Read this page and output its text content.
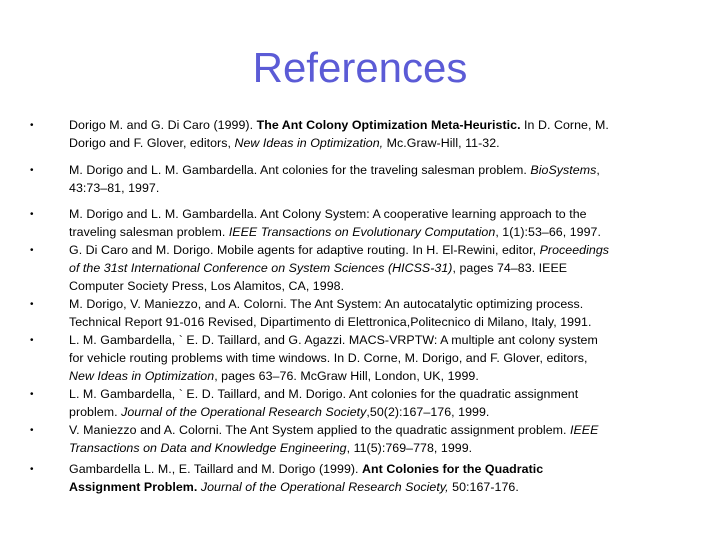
References
•	Dorigo M. and G. Di Caro (1999). The Ant Colony Optimization Meta-Heuristic. In D. Corne, M.
Dorigo and F. Glover, editors, New Ideas in Optimization, Mc.Graw-Hill, 11-32.
•	M. Dorigo and L. M. Gambardella. Ant colonies for the traveling salesman problem. BioSystems,
43:73–81, 1997.
•	M. Dorigo and L. M. Gambardella. Ant Colony System: A cooperative learning approach to the
traveling salesman problem. IEEE Transactions on Evolutionary Computation, 1(1):53–66, 1997.
•	G. Di Caro and M. Dorigo. Mobile agents for adaptive routing. In H. El-Rewini, editor, Proceedings
of the 31st International Conference on System Sciences (HICSS-31), pages 74–83. IEEE
Computer Society Press, Los Alamitos, CA, 1998.
•	M. Dorigo, V. Maniezzo, and A. Colorni. The Ant System: An autocatalytic optimizing process.
Technical Report 91-016 Revised, Dipartimento di Elettronica,Politecnico di Milano, Italy, 1991.
•	L. M. Gambardella, ` E. D. Taillard, and G. Agazzi. MACS-VRPTW: A multiple ant colony system
for vehicle routing problems with time windows. In D. Corne, M. Dorigo, and F. Glover, editors,
New Ideas in Optimization, pages 63–76. McGraw Hill, London, UK, 1999.
•	L. M. Gambardella, ` E. D. Taillard, and M. Dorigo. Ant colonies for the quadratic assignment
problem. Journal of the Operational Research Society,50(2):167–176, 1999.
•	V. Maniezzo and A. Colorni. The Ant System applied to the quadratic assignment problem. IEEE
Transactions on Data and Knowledge Engineering, 11(5):769–778, 1999.
•	Gambardella L. M., E. Taillard and M. Dorigo (1999). Ant Colonies for the Quadratic
Assignment Problem. Journal of the Operational Research Society, 50:167-176.
